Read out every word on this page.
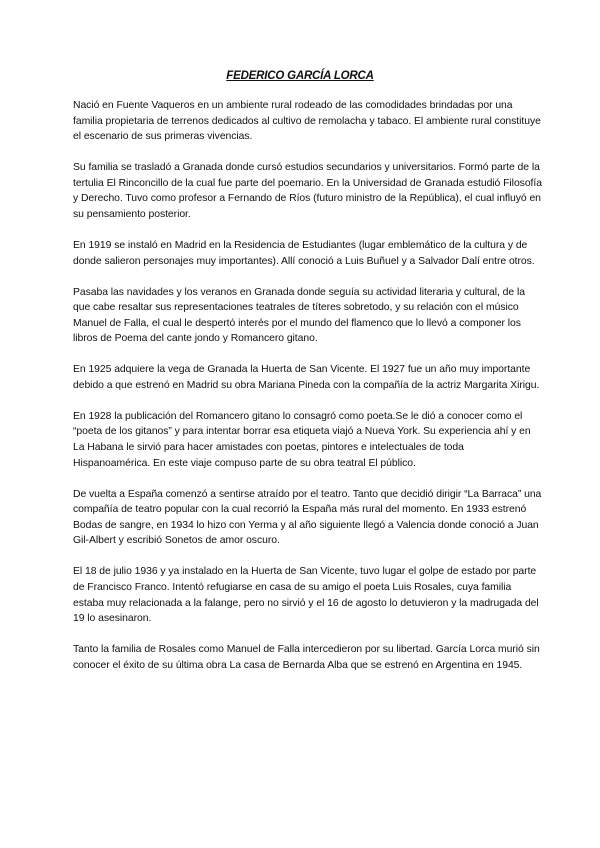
FEDERICO GARCÍA LORCA

Nació en Fuente Vaqueros en un ambiente rural rodeado de las comodidades brindadas por una familia propietaria de terrenos dedicados al cultivo de remolacha y tabaco. El ambiente rural constituye el escenario de sus primeras vivencias.

Su familia se trasladó a Granada donde cursó estudios secundarios y universitarios. Formó parte de la tertulia El Rinconcillo de la cual fue parte del poemario. En la Universidad de Granada estudió Filosofía y Derecho. Tuvo como profesor a Fernando de Ríos (futuro ministro de la República), el cual influyó en su pensamiento posterior.

En 1919 se instaló en Madrid en la Residencia de Estudiantes (lugar emblemático de la cultura y de donde salieron personajes muy importantes). Allí conoció a Luis Buñuel y a Salvador Dalí entre otros.

Pasaba las navidades y los veranos en Granada donde seguía su actividad literaria y cultural, de la que cabe resaltar sus representaciones teatrales de títeres sobretodo, y su relación con el músico Manuel de Falla, el cual le despertó interés por el mundo del flamenco que lo llevó a componer los libros de Poema del cante jondo y Romancero gitano.

En 1925 adquiere la vega de Granada la Huerta de San Vicente. El 1927 fue un año muy importante debido a que estrenó en Madrid su obra Mariana Pineda con la compañía de la actriz Margarita Xirigu.

En 1928 la publicación del Romancero gitano lo consagró como poeta.Se le dió a conocer como el “poeta de los gitanos” y para intentar borrar esa etiqueta viajó a Nueva York. Su experiencia ahí y en La Habana le sirvió para hacer amistades con poetas, pintores e intelectuales de toda Hispanoamérica. En este viaje compuso parte de su obra teatral El público.

De vuelta a España comenzó a sentirse atraído por el teatro. Tanto que decidió dirigir “La Barraca” una compañía de teatro popular con la cual recorrió la España más rural del momento. En 1933 estrenó Bodas de sangre, en 1934 lo hizo con Yerma y al año siguiente llegó a Valencia donde conoció a Juan Gil-Albert y escribió Sonetos de amor oscuro.

El 18 de julio 1936 y ya instalado en la Huerta de San Vicente, tuvo lugar el golpe de estado por parte de Francisco Franco. Intentó refugiarse en casa de su amigo el poeta Luis Rosales, cuya familia estaba muy relacionada a la falange, pero no sirvió y el 16 de agosto lo detuvieron y la madrugada del 19 lo asesinaron.

Tanto la familia de Rosales como Manuel de Falla intercedieron por su libertad. García Lorca murió sin conocer el éxito de su última obra La casa de Bernarda Alba que se estrenó en Argentina en 1945.
